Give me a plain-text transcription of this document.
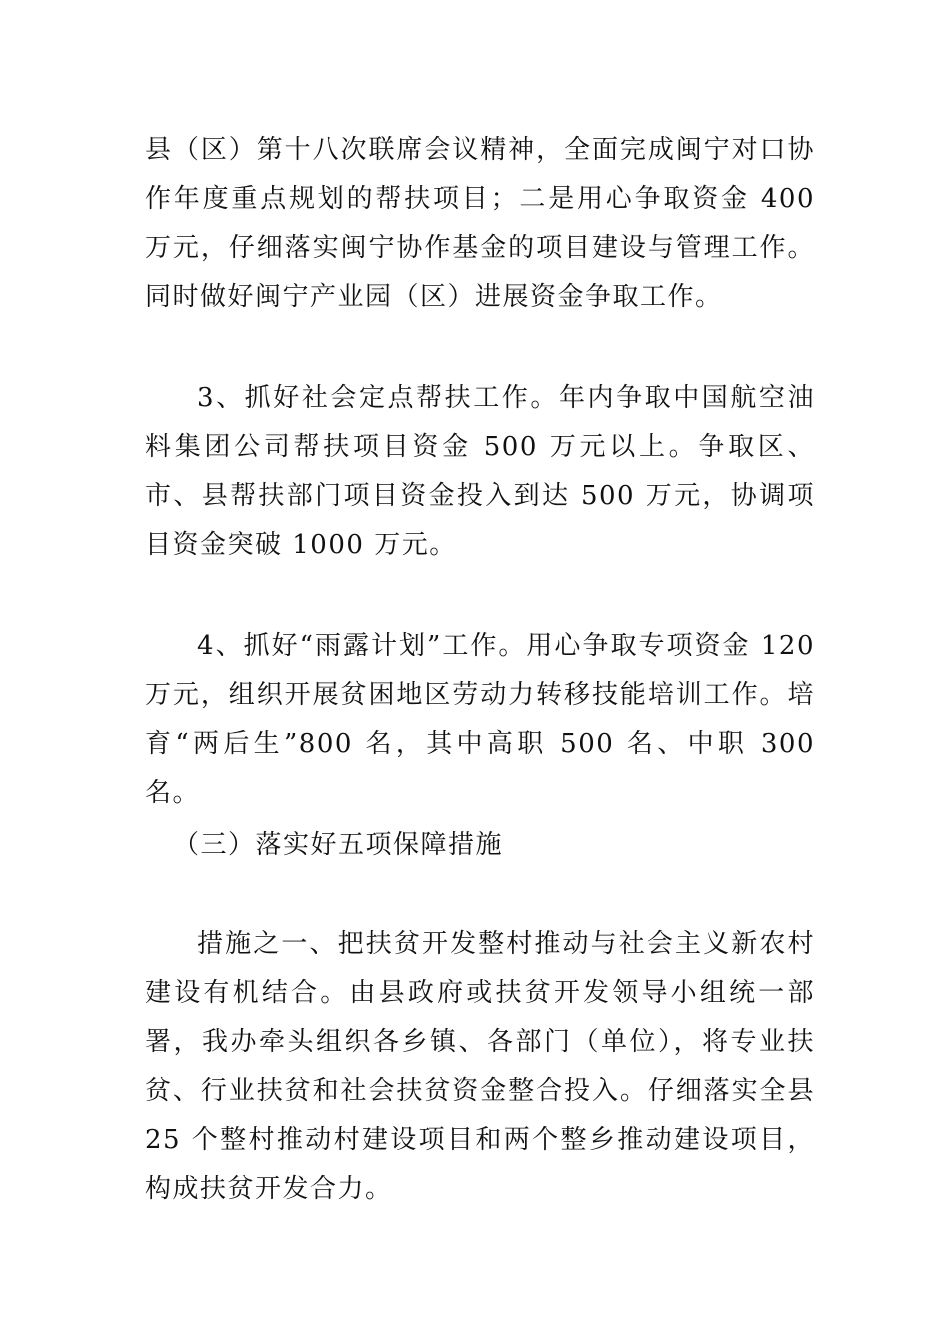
县（区）第十八次联席会议精神，全面完成闽宁对口协作年度重点规划的帮扶项目；二是用心争取资金 400 万元，仔细落实闽宁协作基金的项目建设与管理工作。同时做好闽宁产业园（区）进展资金争取工作。

3、抓好社会定点帮扶工作。年内争取中国航空油料集团公司帮扶项目资金 500 万元以上。争取区、市、县帮扶部门项目资金投入到达 500 万元，协调项目资金突破 1000 万元。

4、抓好“雨露计划”工作。用心争取专项资金 120 万元，组织开展贫困地区劳动力转移技能培训工作。培育“两后生”800 名，其中高职 500 名、中职 300 名。

（三）落实好五项保障措施

措施之一、把扶贫开发整村推动与社会主义新农村建设有机结合。由县政府或扶贫开发领导小组统一部署，我办牵头组织各乡镇、各部门（单位），将专业扶贫、行业扶贫和社会扶贫资金整合投入。仔细落实全县 25 个整村推动村建设项目和两个整乡推动建设项目，构成扶贫开发合力。
